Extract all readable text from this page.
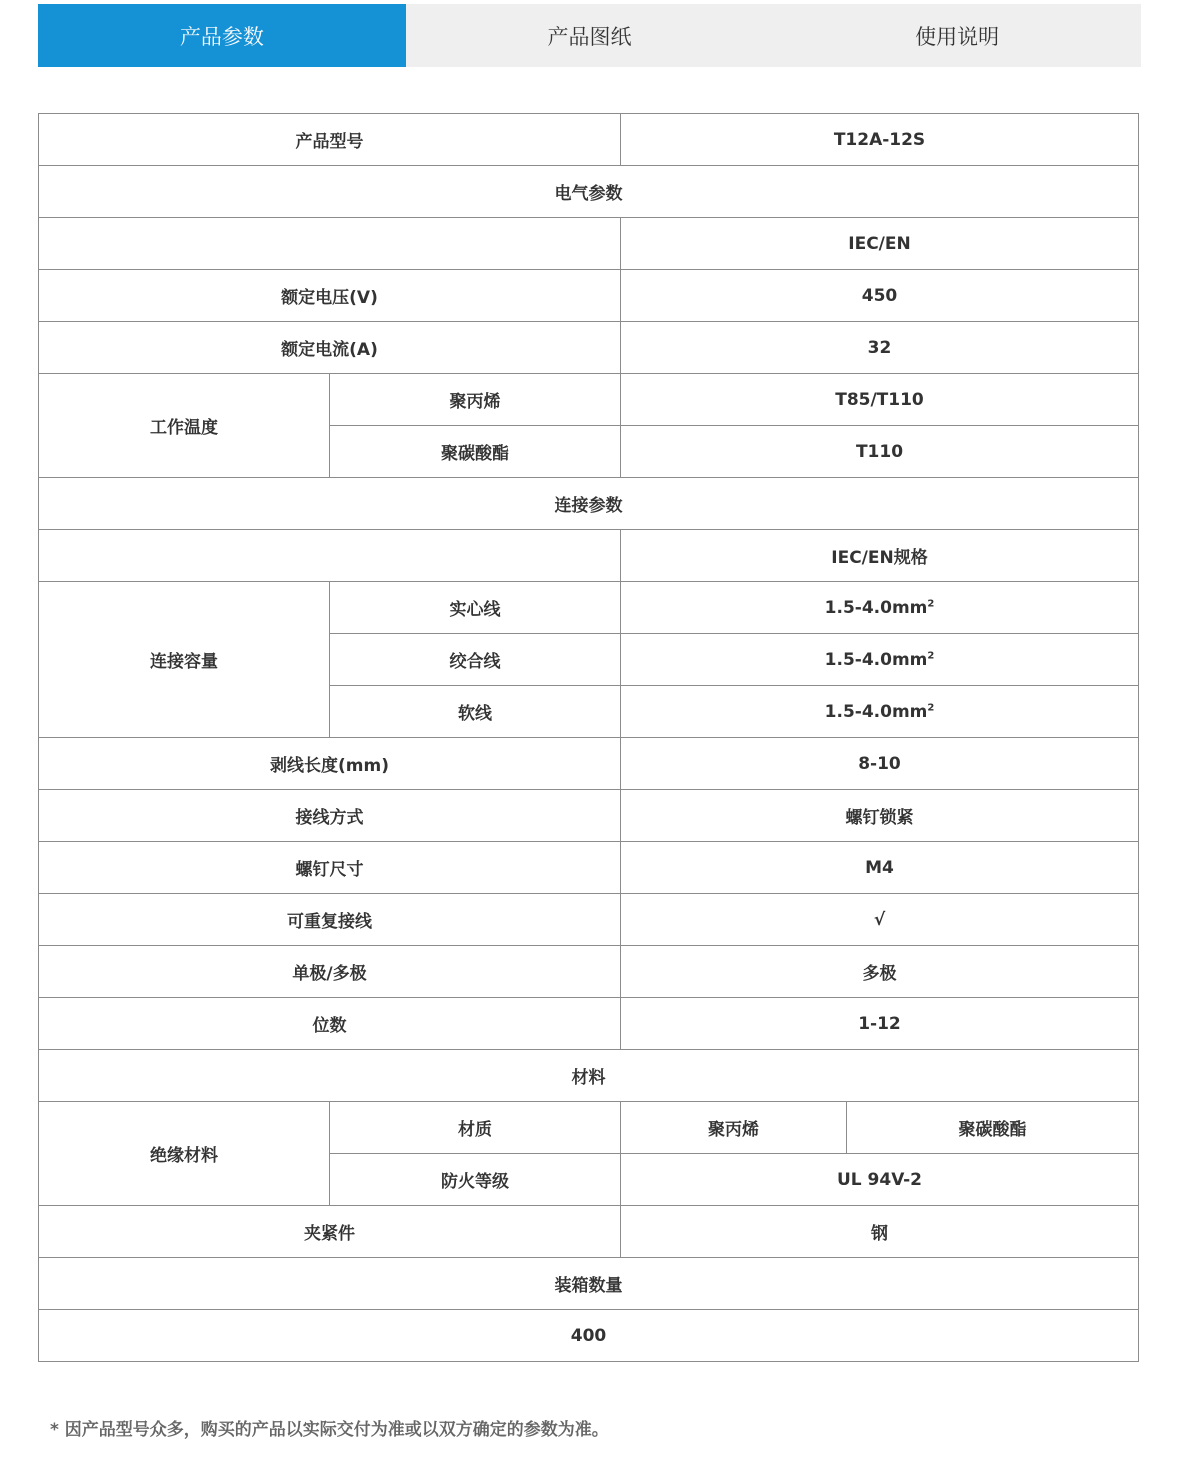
产品参数	产品图纸	使用说明
产品型号		T12A-12S	
电气参数			
		IEC/EN	
额定电压(V)		450	
额定电流(A)		32	
工作温度	聚丙烯	T85/T110	
	聚碳酸酯	T110	
连接参数			
		IEC/EN规格	
连接容量	实心线	$1.5-4.0mm^2$
	绞合线	$1.5-4.0mm^2$
	软线	$1.5-4.0mm^2$
剥线长度(mm)		8-10	
接线方式		螺钉锁紧	
螺钉尺寸		M4	
可重复接线		√	
单极/多极		多极	
位数		1-12	
材料			
绝缘材料	材质	聚丙烯	聚碳酸酯
	防火等级	UL 94V-2	
夹紧件		钢	
装箱数量			
400			
* 因产品型号众多，购买的产品以实际交付为准或以双方确定的参数为准。
